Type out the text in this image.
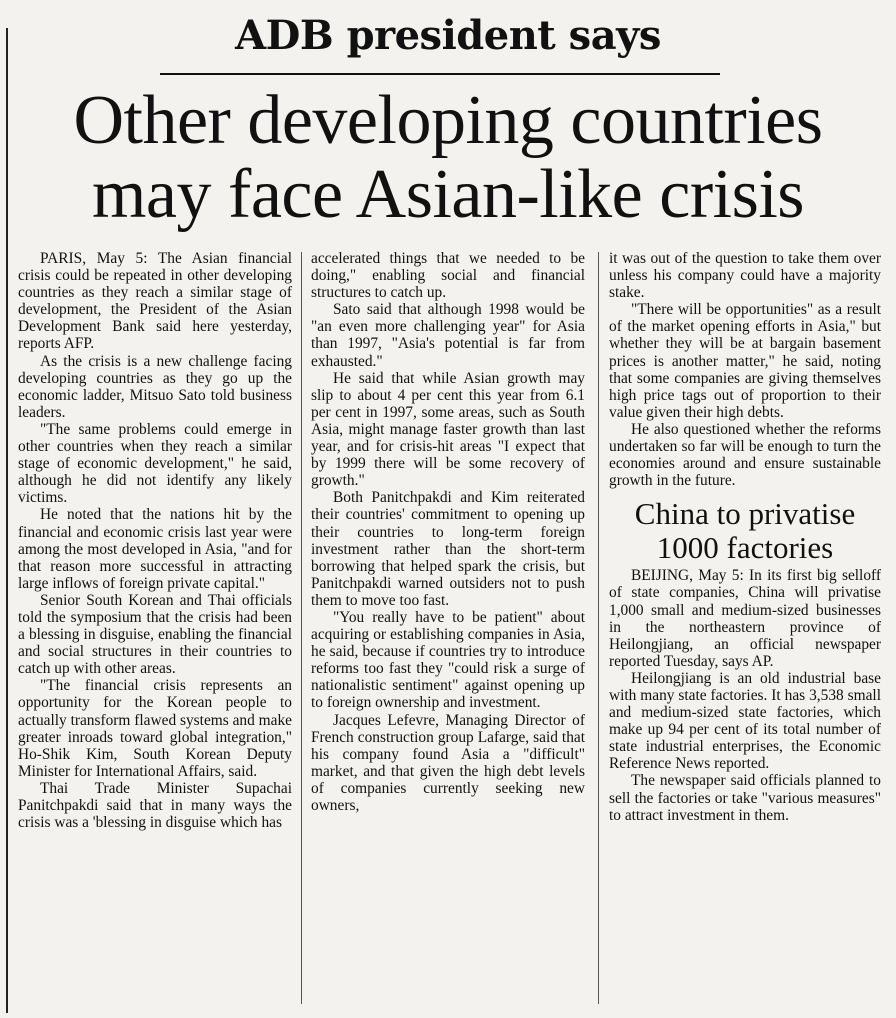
ADB president says
Other developing countries
may face Asian-like crisis

PARIS, May 5: The Asian financial crisis could be repeated in other developing countries as they reach a similar stage of development, the President of the Asian Development Bank said here yesterday, reports AFP.

As the crisis is a new challenge facing developing countries as they go up the economic ladder, Mitsuo Sato told business leaders.

"The same problems could emerge in other countries when they reach a similar stage of economic development," he said, although he did not identify any likely victims.

He noted that the nations hit by the financial and economic crisis last year were among the most developed in Asia, "and for that reason more successful in attracting large inflows of foreign private capital."

Senior South Korean and Thai officials told the symposium that the crisis had been a blessing in disguise, enabling the financial and social structures in their countries to catch up with other areas.

"The financial crisis represents an opportunity for the Korean people to actually transform flawed systems and make greater inroads toward global integration," Ho-Shik Kim, South Korean Deputy Minister for International Affairs, said.

Thai Trade Minister Supachai Panitchpakdi said that in many ways the crisis was a 'blessing in disguise which has

accelerated things that we needed to be doing," enabling social and financial structures to catch up.

Sato said that although 1998 would be "an even more challenging year" for Asia than 1997, "Asia's potential is far from exhausted."

He said that while Asian growth may slip to about 4 per cent this year from 6.1 per cent in 1997, some areas, such as South Asia, might manage faster growth than last year, and for crisis-hit areas "I expect that by 1999 there will be some recovery of growth."

Both Panitchpakdi and Kim reiterated their countries' commitment to opening up their countries to long-term foreign investment rather than the short-term borrowing that helped spark the crisis, but Panitchpakdi warned outsiders not to push them to move too fast.

"You really have to be patient" about acquiring or establishing companies in Asia, he said, because if countries try to introduce reforms too fast they "could risk a surge of nationalistic sentiment" against opening up to foreign ownership and investment.

Jacques Lefevre, Managing Director of French construction group Lafarge, said that his company found Asia a "difficult" market, and that given the high debt levels of companies currently seeking new owners,

it was out of the question to take them over unless his company could have a majority stake.

"There will be opportunities" as a result of the market opening efforts in Asia," but whether they will be at bargain basement prices is another matter," he said, noting that some companies are giving themselves high price tags out of proportion to their value given their high debts.

He also questioned whether the reforms undertaken so far will be enough to turn the economies around and ensure sustainable growth in the future.

China to privatise
1000 factories

BEIJING, May 5: In its first big selloff of state companies, China will privatise 1,000 small and medium-sized businesses in the northeastern province of Heilongjiang, an official newspaper reported Tuesday, says AP.

Heilongjiang is an old industrial base with many state factories. It has 3,538 small and medium-sized state factories, which make up 94 per cent of its total number of state industrial enterprises, the Economic Reference News reported.

The newspaper said officials planned to sell the factories or take "various measures" to attract investment in them.
